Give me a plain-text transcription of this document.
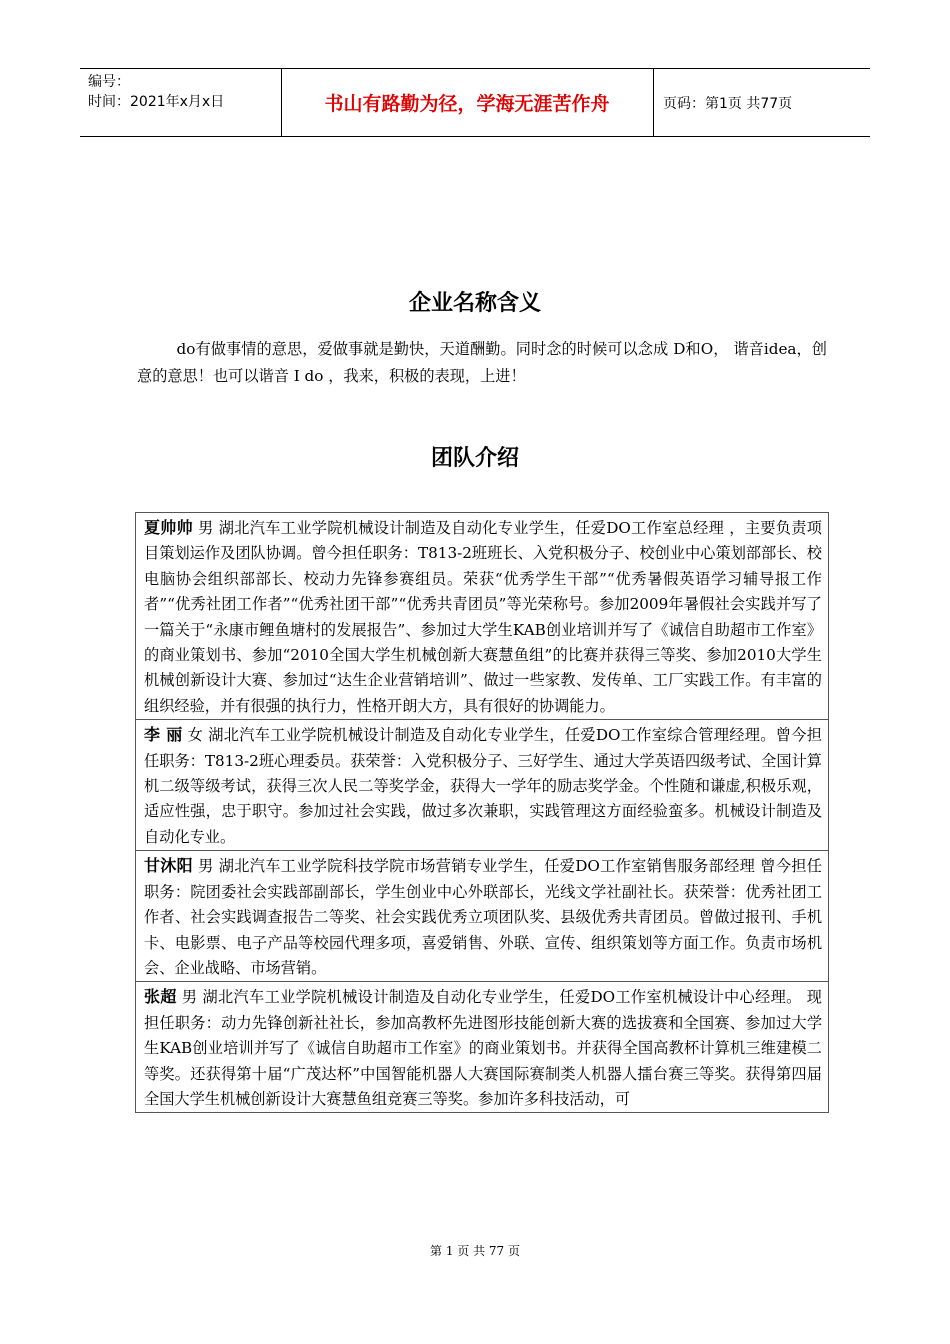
编号：
时间：2021年x月x日	书山有路勤为径，学海无涯苦作舟	页码：第1页 共77页
企业名称含义

do有做事情的意思，爱做事就是勤快，天道酬勤。同时念的时候可以念成 D和O， 谐音idea，创意的意思！也可以谐音 I do ，我来，积极的表现，上进！

团队介绍
夏帅帅 男 湖北汽车工业学院机械设计制造及自动化专业学生，任爱DO工作室总经理 ，主要负责项目策划运作及团队协调。曾今担任职务：T813-2班班长、入党积极分子、校创业中心策划部部长、校电脑协会组织部部长、校动力先锋参赛组员。荣获“优秀学生干部”“优秀暑假英语学习辅导报工作者”“优秀社团工作者”“优秀社团干部”“优秀共青团员”等光荣称号。参加2009年暑假社会实践并写了一篇关于“永康市鲤鱼塘村的发展报告”、参加过大学生KAB创业培训并写了《诚信自助超市工作室》的商业策划书、参加“2010全国大学生机械创新大赛慧鱼组”的比赛并获得三等奖、参加2010大学生机械创新设计大赛、参加过“达生企业营销培训”、做过一些家教、发传单、工厂实践工作。有丰富的组织经验，并有很强的执行力，性格开朗大方，具有很好的协调能力。
李 丽 女 湖北汽车工业学院机械设计制造及自动化专业学生，任爱DO工作室综合管理经理。曾今担任职务：T813-2班心理委员。获荣誉：入党积极分子、三好学生、通过大学英语四级考试、全国计算机二级等级考试，获得三次人民二等奖学金，获得大一学年的励志奖学金。个性随和谦虚,积极乐观，适应性强，忠于职守。参加过社会实践，做过多次兼职，实践管理这方面经验蛮多。机械设计制造及自动化专业。
甘沐阳 男 湖北汽车工业学院科技学院市场营销专业学生，任爱DO工作室销售服务部经理 曾今担任职务：院团委社会实践部副部长，学生创业中心外联部长，光线文学社副社长。获荣誉：优秀社团工作者、社会实践调查报告二等奖、社会实践优秀立项团队奖、县级优秀共青团员。曾做过报刊、手机卡、电影票、电子产品等校园代理多项，喜爱销售、外联、宣传、组织策划等方面工作。负责市场机会、企业战略、市场营销。
张超 男 湖北汽车工业学院机械设计制造及自动化专业学生，任爱DO工作室机械设计中心经理。 现担任职务：动力先锋创新社社长，参加高教杯先进图形技能创新大赛的选拔赛和全国赛、参加过大学生KAB创业培训并写了《诚信自助超市工作室》的商业策划书。并获得全国高教杯计算机三维建模二等奖。还获得第十届“广茂达杯”中国智能机器人大赛国际赛制类人机器人擂台赛三等奖。获得第四届全国大学生机械创新设计大赛慧鱼组竞赛三等奖。参加许多科技活动，可
第 1 页 共 77 页
